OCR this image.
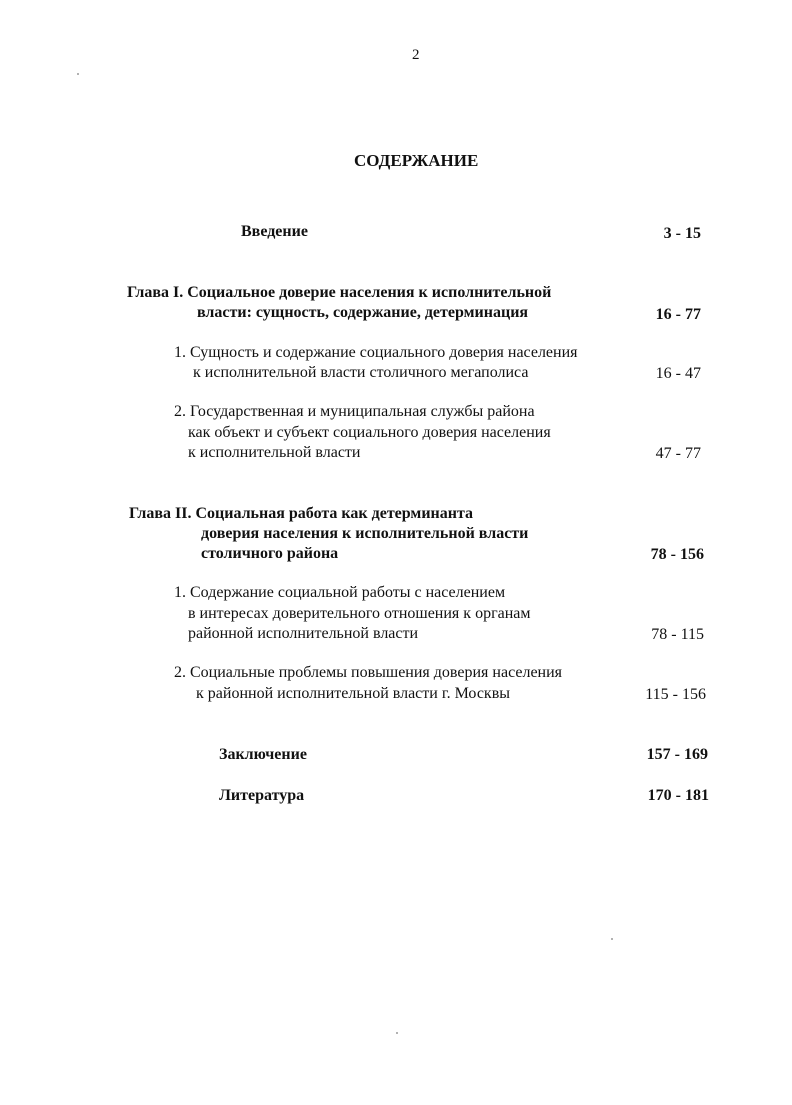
2
СОДЕРЖАНИЕ
Введение	3 - 15
Глава I. Социальное доверие населения к исполнительной
власти: сущность, содержание, детерминация	16 - 77
1. Сущность и содержание социального доверия населения
к исполнительной власти столичного мегаполиса	16 - 47
2. Государственная и муниципальная службы района
как объект и субъект социального доверия населения
к исполнительной власти	47 - 77
Глава II. Социальная работа как детерминанта
доверия населения к исполнительной власти
столичного района	78 - 156
1. Содержание социальной работы с населением
в интересах доверительного отношения к органам
районной исполнительной власти	78 - 115
2. Социальные проблемы повышения доверия населения
к районной исполнительной власти г. Москвы	115 - 156
Заключение	157 - 169
Литература	170 - 181
